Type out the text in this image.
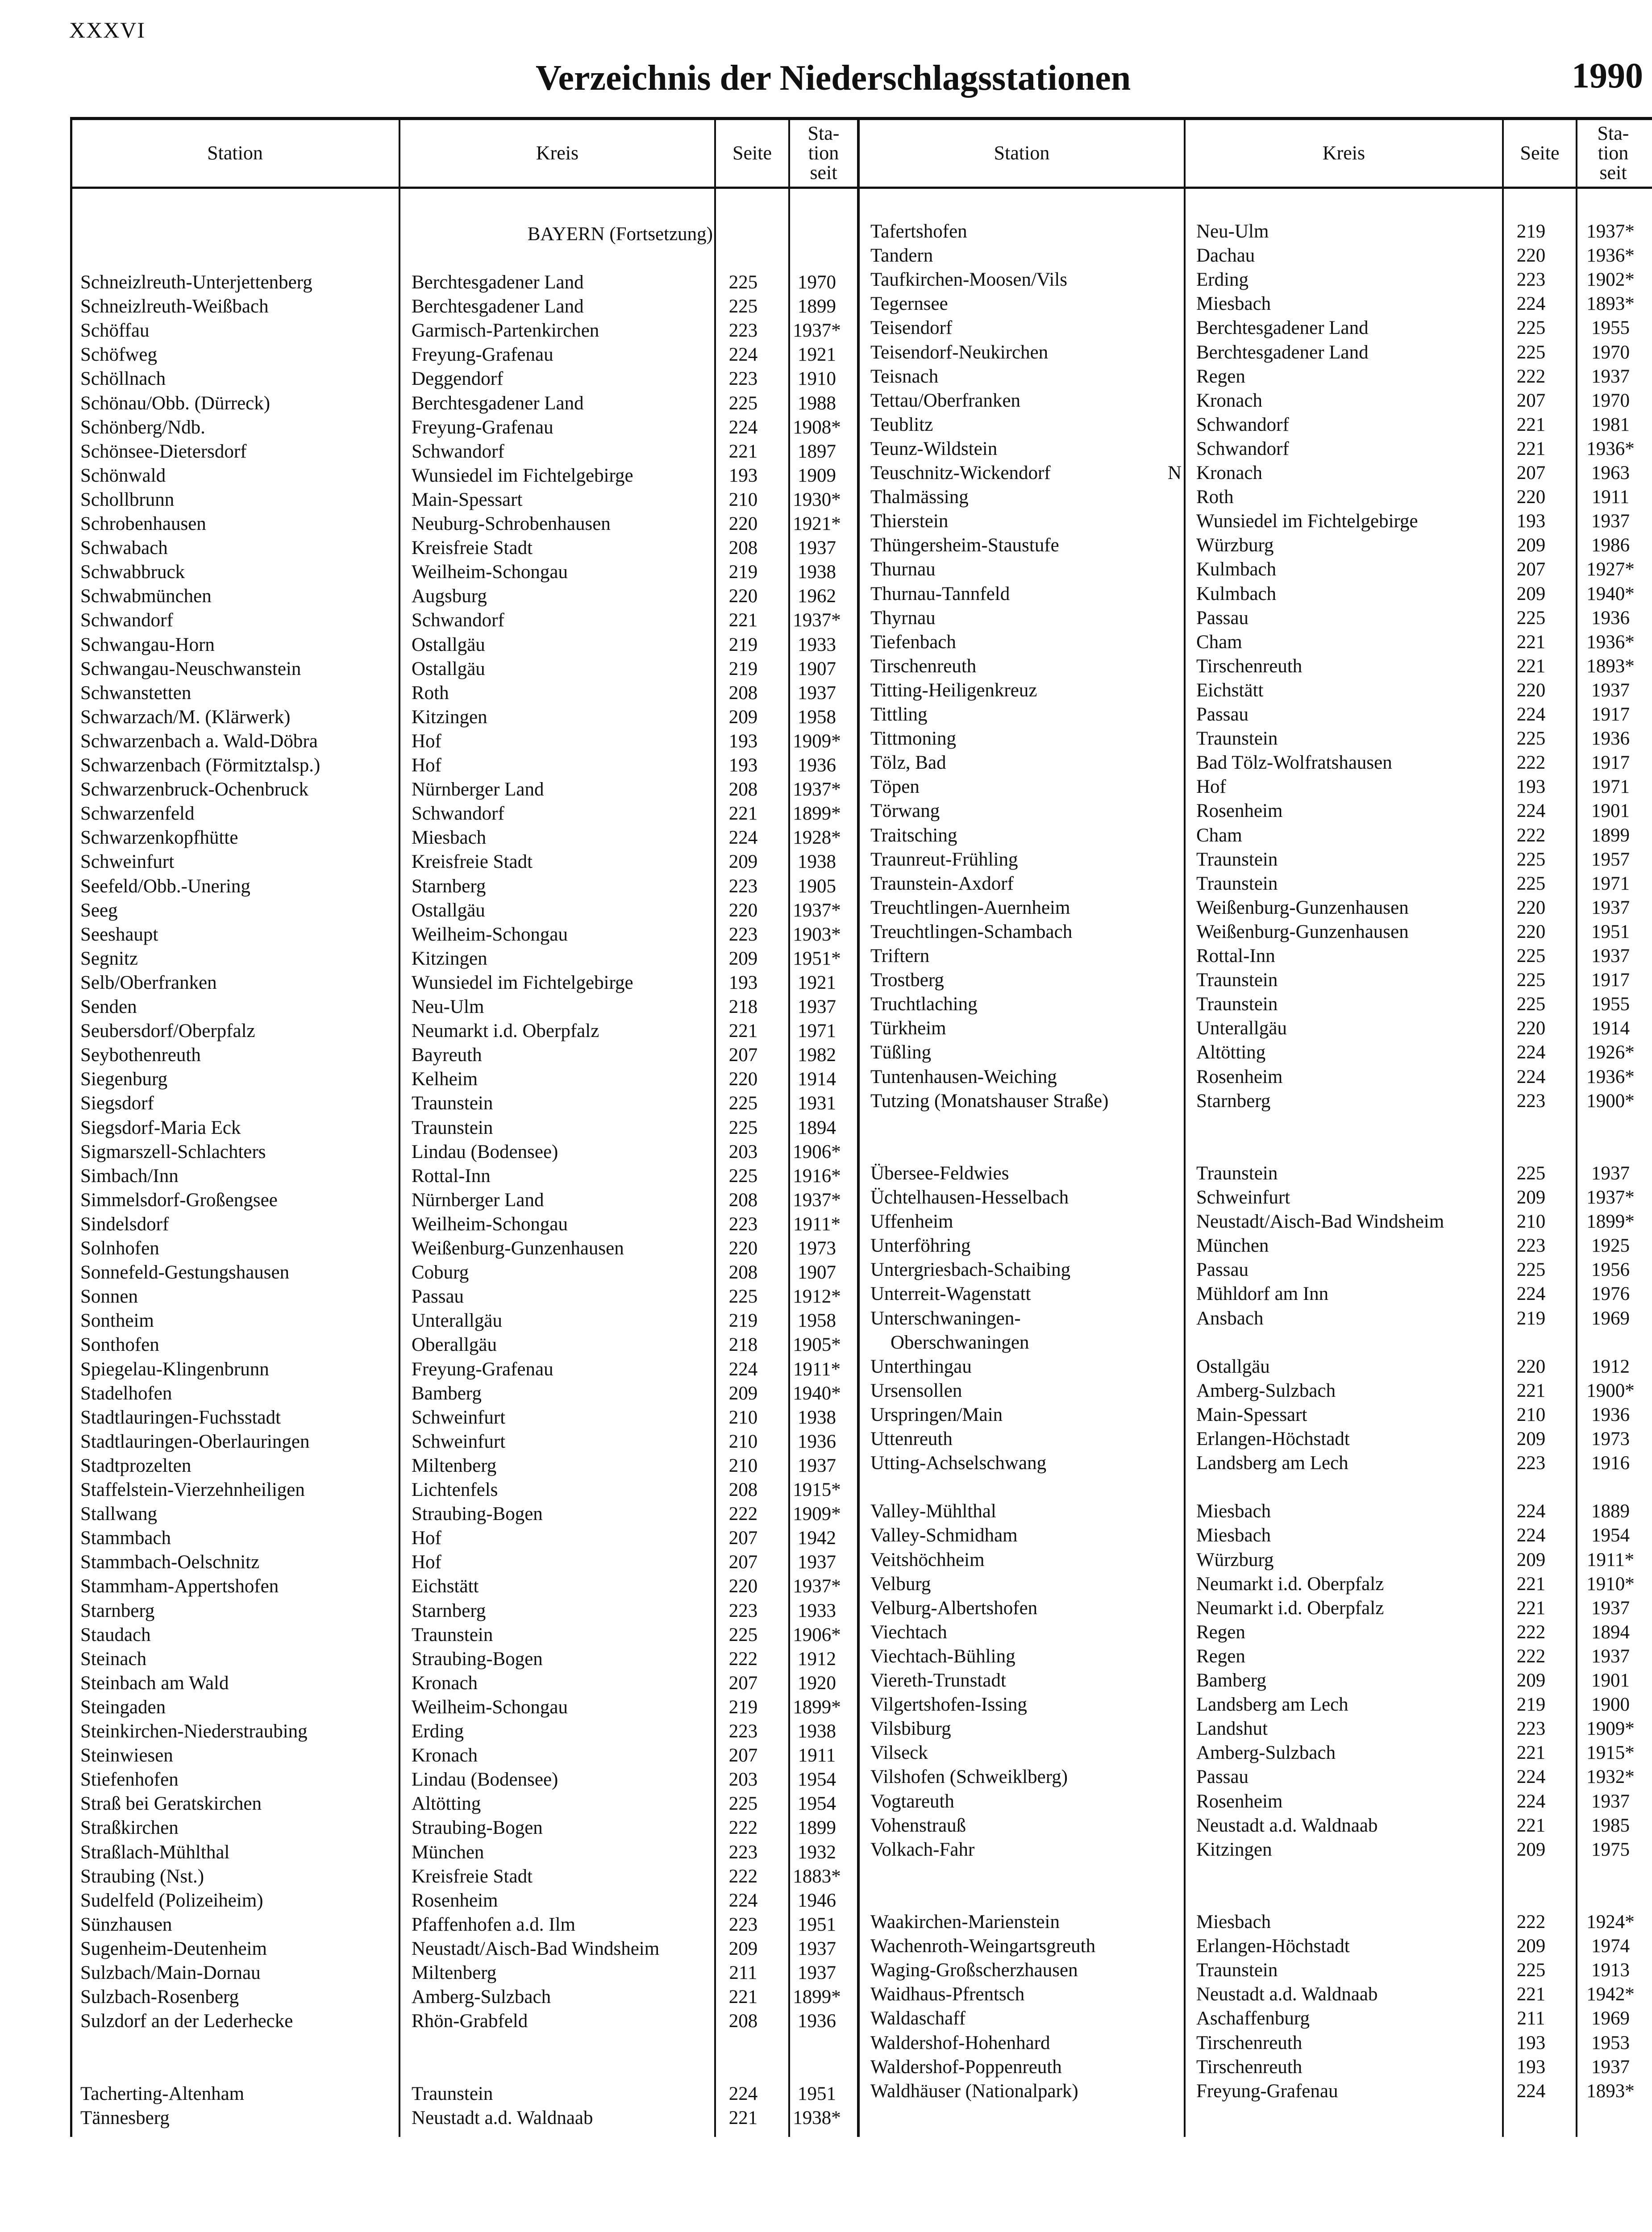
XXXVI
Verzeichnis der Niederschlagsstationen	1990
Station	Kreis	Seite
Sta-
tion
seit
Station	Kreis	Seite
Sta-
tion
seit
BAYERN (Fortsetzung)
Schneizlreuth-Unterjettenberg	Berchtesgadener Land	225	1970
Schneizlreuth-Weißbach	Berchtesgadener Land	225	1899
Schöffau	Garmisch-Partenkirchen	223	1937*
Schöfweg	Freyung-Grafenau	224	1921
Schöllnach	Deggendorf	223	1910
Schönau/Obb. (Dürreck)	Berchtesgadener Land	225	1988
Schönberg/Ndb.	Freyung-Grafenau	224	1908*
Schönsee-Dietersdorf	Schwandorf	221	1897
Schönwald	Wunsiedel im Fichtelgebirge	193	1909
Schollbrunn	Main-Spessart	210	1930*
Schrobenhausen	Neuburg-Schrobenhausen	220	1921*
Schwabach	Kreisfreie Stadt	208	1937
Schwabbruck	Weilheim-Schongau	219	1938
Schwabmünchen	Augsburg	220	1962
Schwandorf	Schwandorf	221	1937*
Schwangau-Horn	Ostallgäu	219	1933
Schwangau-Neuschwanstein	Ostallgäu	219	1907
Schwanstetten	Roth	208	1937
Schwarzach/M. (Klärwerk)	Kitzingen	209	1958
Schwarzenbach a. Wald-Döbra	Hof	193	1909*
Schwarzenbach (Förmitztalsp.)	Hof	193	1936
Schwarzenbruck-Ochenbruck	Nürnberger Land	208	1937*
Schwarzenfeld	Schwandorf	221	1899*
Schwarzenkopfhütte	Miesbach	224	1928*
Schweinfurt	Kreisfreie Stadt	209	1938
Seefeld/Obb.-Unering	Starnberg	223	1905
Seeg	Ostallgäu	220	1937*
Seeshaupt	Weilheim-Schongau	223	1903*
Segnitz	Kitzingen	209	1951*
Selb/Oberfranken	Wunsiedel im Fichtelgebirge	193	1921
Senden	Neu-Ulm	218	1937
Seubersdorf/Oberpfalz	Neumarkt i.d. Oberpfalz	221	1971
Seybothenreuth	Bayreuth	207	1982
Siegenburg	Kelheim	220	1914
Siegsdorf	Traunstein	225	1931
Siegsdorf-Maria Eck	Traunstein	225	1894
Sigmarszell-Schlachters	Lindau (Bodensee)	203	1906*
Simbach/Inn	Rottal-Inn	225	1916*
Simmelsdorf-Großengsee	Nürnberger Land	208	1937*
Sindelsdorf	Weilheim-Schongau	223	1911*
Solnhofen	Weißenburg-Gunzenhausen	220	1973
Sonnefeld-Gestungshausen	Coburg	208	1907
Sonnen	Passau	225	1912*
Sontheim	Unterallgäu	219	1958
Sonthofen	Oberallgäu	218	1905*
Spiegelau-Klingenbrunn	Freyung-Grafenau	224	1911*
Stadelhofen	Bamberg	209	1940*
Stadtlauringen-Fuchsstadt	Schweinfurt	210	1938
Stadtlauringen-Oberlauringen	Schweinfurt	210	1936
Stadtprozelten	Miltenberg	210	1937
Staffelstein-Vierzehnheiligen	Lichtenfels	208	1915*
Stallwang	Straubing-Bogen	222	1909*
Stammbach	Hof	207	1942
Stammbach-Oelschnitz	Hof	207	1937
Stammham-Appertshofen	Eichstätt	220	1937*
Starnberg	Starnberg	223	1933
Staudach	Traunstein	225	1906*
Steinach	Straubing-Bogen	222	1912
Steinbach am Wald	Kronach	207	1920
Steingaden	Weilheim-Schongau	219	1899*
Steinkirchen-Niederstraubing	Erding	223	1938
Steinwiesen	Kronach	207	1911
Stiefenhofen	Lindau (Bodensee)	203	1954
Straß bei Geratskirchen	Altötting	225	1954
Straßkirchen	Straubing-Bogen	222	1899
Straßlach-Mühlthal	München	223	1932
Straubing (Nst.)	Kreisfreie Stadt	222	1883*
Sudelfeld (Polizeiheim)	Rosenheim	224	1946
Sünzhausen	Pfaffenhofen a.d. Ilm	223	1951
Sugenheim-Deutenheim	Neustadt/Aisch-Bad Windsheim	209	1937
Sulzbach/Main-Dornau	Miltenberg	211	1937
Sulzbach-Rosenberg	Amberg-Sulzbach	221	1899*
Sulzdorf an der Lederhecke	Rhön-Grabfeld	208	1936
Tacherting-Altenham	Traunstein	224	1951
Tännesberg	Neustadt a.d. Waldnaab	221	1938*
Tafertshofen	Neu-Ulm	219	1937*
Tandern	Dachau	220	1936*
Taufkirchen-Moosen/Vils	Erding	223	1902*
Tegernsee	Miesbach	224	1893*
Teisendorf	Berchtesgadener Land	225	1955
Teisendorf-Neukirchen	Berchtesgadener Land	225	1970
Teisnach	Regen	222	1937
Tettau/Oberfranken	Kronach	207	1970
Teublitz	Schwandorf	221	1981
Teunz-Wildstein	Schwandorf	221	1936*
Teuschnitz-Wickendorf	Kronach	207	1963
N
Thalmässing	Roth	220	1911
Thierstein	Wunsiedel im Fichtelgebirge	193	1937
Thüngersheim-Staustufe	Würzburg	209	1986
Thurnau	Kulmbach	207	1927*
Thurnau-Tannfeld	Kulmbach	209	1940*
Thyrnau	Passau	225	1936
Tiefenbach	Cham	221	1936*
Tirschenreuth	Tirschenreuth	221	1893*
Titting-Heiligenkreuz	Eichstätt	220	1937
Tittling	Passau	224	1917
Tittmoning	Traunstein	225	1936
Tölz, Bad	Bad Tölz-Wolfratshausen	222	1917
Töpen	Hof	193	1971
Törwang	Rosenheim	224	1901
Traitsching	Cham	222	1899
Traunreut-Frühling	Traunstein	225	1957
Traunstein-Axdorf	Traunstein	225	1971
Treuchtlingen-Auernheim	Weißenburg-Gunzenhausen	220	1937
Treuchtlingen-Schambach	Weißenburg-Gunzenhausen	220	1951
Triftern	Rottal-Inn	225	1937
Trostberg	Traunstein	225	1917
Truchtlaching	Traunstein	225	1955
Türkheim	Unterallgäu	220	1914
Tüßling	Altötting	224	1926*
Tuntenhausen-Weiching	Rosenheim	224	1936*
Tutzing (Monatshauser Straße)	Starnberg	223	1900*
Übersee-Feldwies	Traunstein	225	1937
Üchtelhausen-Hesselbach	Schweinfurt	209	1937*
Uffenheim	Neustadt/Aisch-Bad Windsheim	210	1899*
Unterföhring	München	223	1925
Untergriesbach-Schaibing	Passau	225	1956
Unterreit-Wagenstatt	Mühldorf am Inn	224	1976
Unterschwaningen-	Ansbach	219	1969
Oberschwaningen
Unterthingau	Ostallgäu	220	1912
Ursensollen	Amberg-Sulzbach	221	1900*
Urspringen/Main	Main-Spessart	210	1936
Uttenreuth	Erlangen-Höchstadt	209	1973
Utting-Achselschwang	Landsberg am Lech	223	1916
Valley-Mühlthal	Miesbach	224	1889
Valley-Schmidham	Miesbach	224	1954
Veitshöchheim	Würzburg	209	1911*
Velburg	Neumarkt i.d. Oberpfalz	221	1910*
Velburg-Albertshofen	Neumarkt i.d. Oberpfalz	221	1937
Viechtach	Regen	222	1894
Viechtach-Bühling	Regen	222	1937
Viereth-Trunstadt	Bamberg	209	1901
Vilgertshofen-Issing	Landsberg am Lech	219	1900
Vilsbiburg	Landshut	223	1909*
Vilseck	Amberg-Sulzbach	221	1915*
Vilshofen (Schweiklberg)	Passau	224	1932*
Vogtareuth	Rosenheim	224	1937
Vohenstrauß	Neustadt a.d. Waldnaab	221	1985
Volkach-Fahr	Kitzingen	209	1975
Waakirchen-Marienstein	Miesbach	222	1924*
Wachenroth-Weingartsgreuth	Erlangen-Höchstadt	209	1974
Waging-Großscherzhausen	Traunstein	225	1913
Waidhaus-Pfrentsch	Neustadt a.d. Waldnaab	221	1942*
Waldaschaff	Aschaffenburg	211	1969
Waldershof-Hohenhard	Tirschenreuth	193	1953
Waldershof-Poppenreuth	Tirschenreuth	193	1937
Waldhäuser (Nationalpark)	Freyung-Grafenau	224	1893*
